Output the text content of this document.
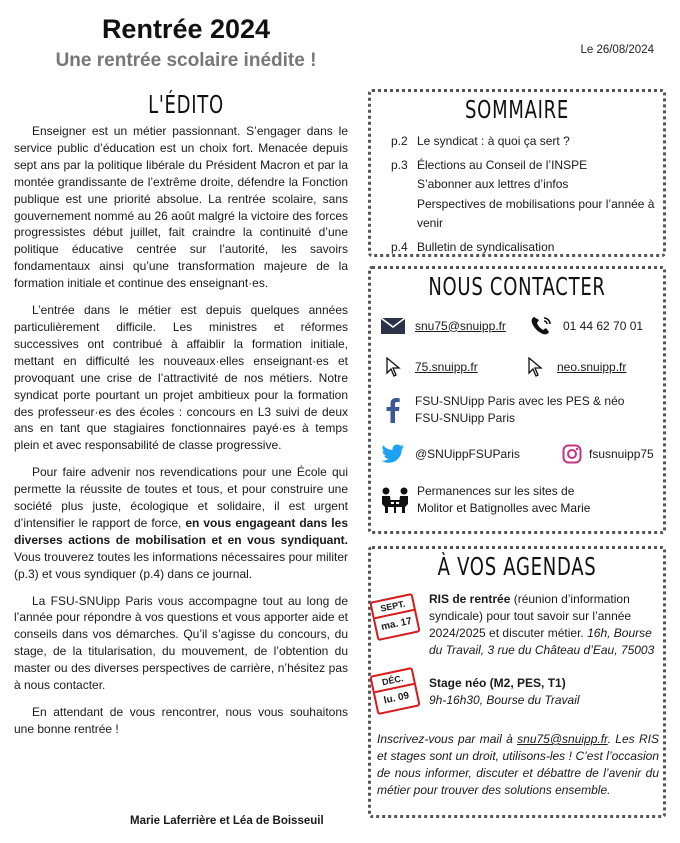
Rentrée 2024
Une rentrée scolaire inédite !	Le 26/08/2024
L'ÉDITO

Enseigner est un métier passionnant. S’engager dans le service public d’éducation est un choix fort. Menacée depuis sept ans par la politique libérale du Président Macron et par la montée grandissante de l’extrême droite, défendre la Fonction publique est une priorité absolue. La rentrée scolaire, sans gouvernement nommé au 26 août malgré la victoire des forces progressistes début juillet, fait craindre la continuité d’une politique éducative centrée sur l’autorité, les savoirs fondamentaux ainsi qu’une transformation majeure de la formation initiale et continue des enseignant·es.

L’entrée dans le métier est depuis quelques années particulièrement difficile. Les ministres et réformes successives ont contribué à affaiblir la formation initiale, mettant en difficulté les nouveaux·elles enseignant·es et provoquant une crise de l’attractivité de nos métiers. Notre syndicat porte pourtant un projet ambitieux pour la formation des professeur·es des écoles : concours en L3 suivi de deux ans en tant que stagiaires fonctionnaires payé·es à temps plein et avec responsabilité de classe progressive.

Pour faire advenir nos revendications pour une École qui permette la réussite de toutes et tous, et pour construire une société plus juste, écologique et solidaire, il est urgent d’intensifier le rapport de force, en vous engageant dans les diverses actions de mobilisation et en vous syndiquant. Vous trouverez toutes les informations nécessaires pour militer (p.3) et vous syndiquer (p.4) dans ce journal.

La FSU-SNUipp Paris vous accompagne tout au long de l’année pour répondre à vos questions et vous apporter aide et conseils dans vos démarches. Qu’il s’agisse du concours, du stage, de la titularisation, du mouvement, de l’obtention du master ou des diverses perspectives de carrière, n’hésitez pas à nous contacter.

En attendant de vous rencontrer, nous vous souhaitons une bonne rentrée !

Marie Laferrière et Léa de Boisseuil
SOMMAIRE
p.2 Le syndicat : à quoi ça sert ?
p.3 Élections au Conseil de l’INSPE
S’abonner aux lettres d’infos
Perspectives de mobilisations pour l’année à venir
p.4 Bulletin de syndicalisation
NOUS CONTACTER
snu75@snuipp.fr	01 44 62 70 01
75.snuipp.fr	neo.snuipp.fr
FSU-SNUipp Paris avec les PES & néo
FSU-SNUipp Paris
@SNUippFSUParis	fsusnuipp75
Permanences sur les sites de
Molitor et Batignolles avec Marie
À VOS AGENDAS
SEPT.
ma. 17
RIS de rentrée (réunion d’information syndicale) pour tout savoir sur l’année 2024/2025 et discuter métier. 16h, Bourse du Travail, 3 rue du Château d’Eau, 75003
DÉC.
lu. 09
Stage néo (M2, PES, T1)
9h-16h30, Bourse du Travail
Inscrivez-vous par mail à snu75@snuipp.fr. Les RIS et stages sont un droit, utilisons-les ! C’est l’occasion de nous informer, discuter et débattre de l’avenir du métier pour trouver des solutions ensemble.
